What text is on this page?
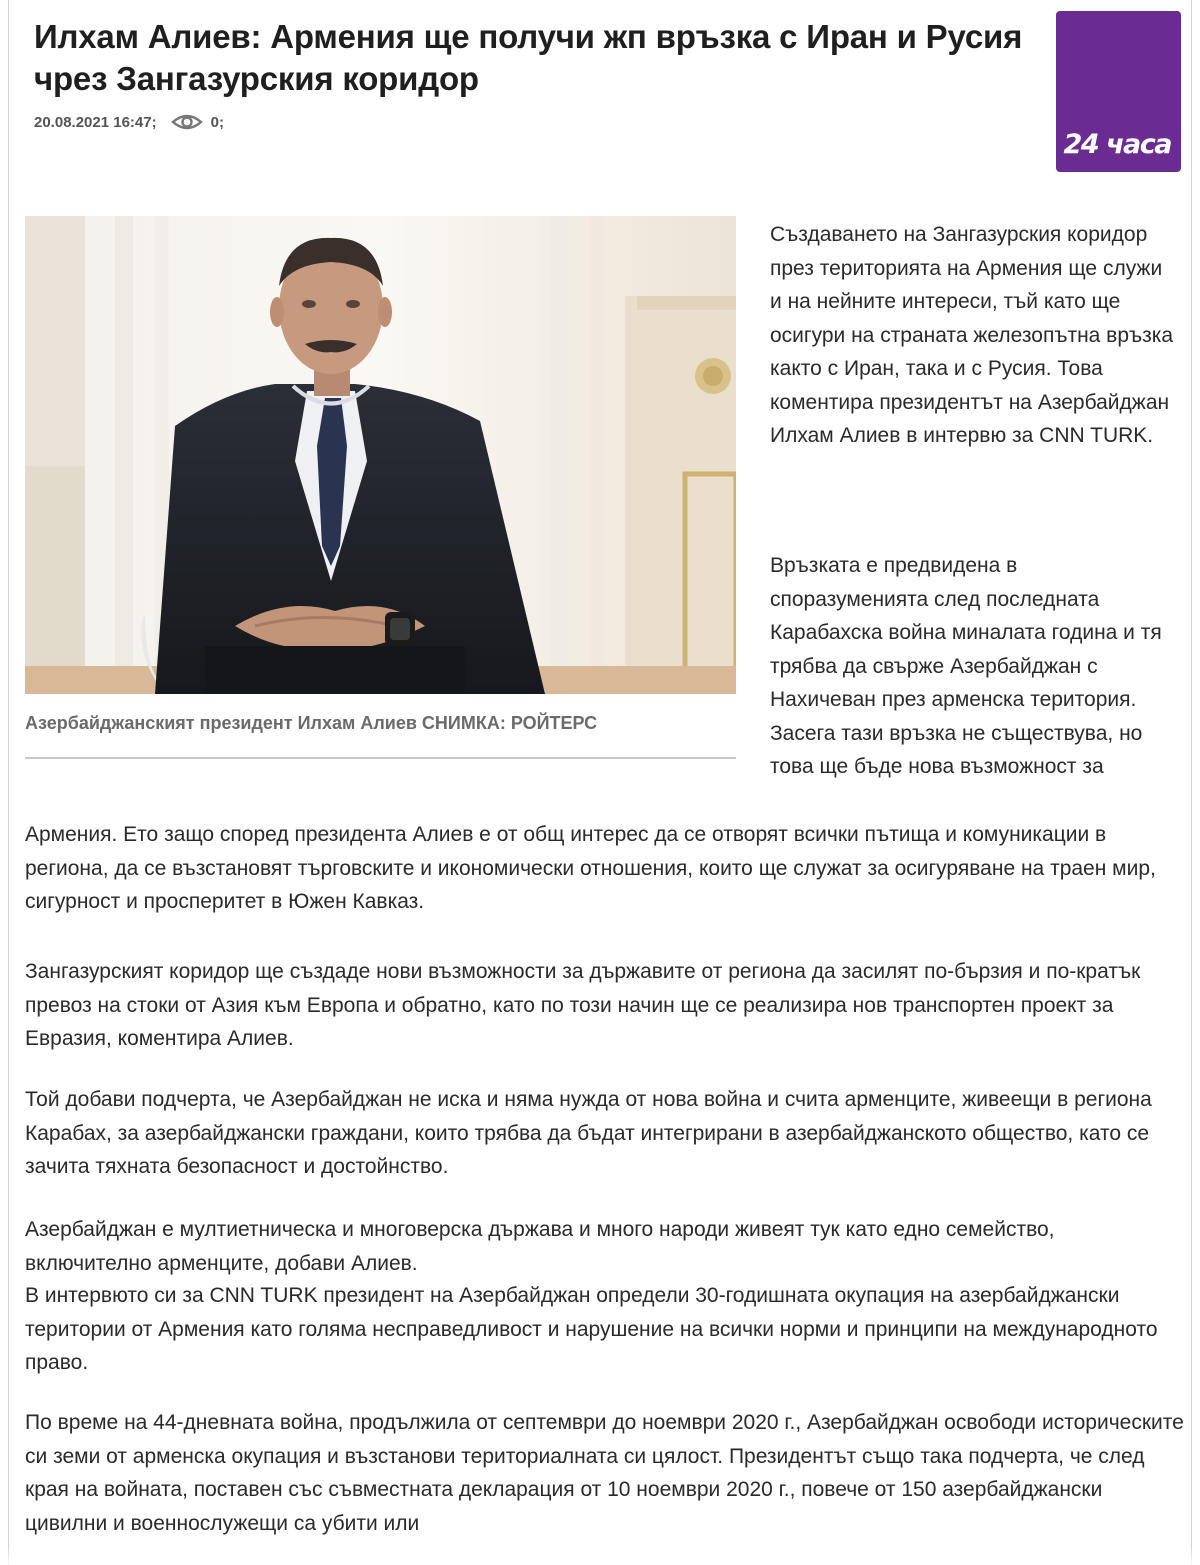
Илхам Алиев: Армения ще получи жп връзка с Иран и Русия чрез Зангазурския коридор
20.08.2021 16:47;	0;
24 часа
Азербайджанският президент Илхам Алиев СНИМКА: РОЙТЕРС

Създаването на Зангазурския коридор през територията на Армения ще служи и на нейните интереси, тъй като ще осигури на страната железопътна връзка както с Иран, така и с Русия. Това коментира президентът на Азербайджан Илхам Алиев в интервю за CNN TURK.

Връзката е предвидена в споразуменията след последната Карабахска война миналата година и тя трябва да свърже Азербайджан с Нахичеван през арменска територия. Засега тази връзка не съществува, но това ще бъде нова възможност за

Армения. Ето защо според президента Алиев е от общ интерес да се отворят всички пътища и комуникации в региона, да се възстановят търговските и икономически отношения, които ще служат за осигуряване на траен мир, сигурност и просперитет в Южен Кавказ.

Зангазурският коридор ще създаде нови възможности за държавите от региона да засилят по-бързия и по-кратък превоз на стоки от Азия към Европа и обратно, като по този начин ще се реализира нов транспортен проект за Евразия, коментира Алиев.

Той добави подчерта, че Азербайджан не иска и няма нужда от нова война и счита арменците, живеещи в региона Карабах, за азербайджански граждани, които трябва да бъдат интегрирани в азербайджанското общество, като се зачита тяхната безопасност и достойнство.

Азербайджан е мултиетническа и многоверска държава и много народи живеят тук като едно семейство, включително арменците, добави Алиев.

В интервюто си за CNN TURK президент на Азербайджан определи 30-годишната окупация на азербайджански територии от Армения като голяма несправедливост и нарушение на всички норми и принципи на международното право.

По време на 44-дневната война, продължила от септември до ноември 2020 г., Азербайджан освободи историческите си земи от арменска окупация и възстанови териториалната си цялост. Президентът също така подчерта, че след края на войната, поставен със съвместната декларация от 10 ноември 2020 г., повече от 150 азербайджански цивилни и военнослужещи са убити или
